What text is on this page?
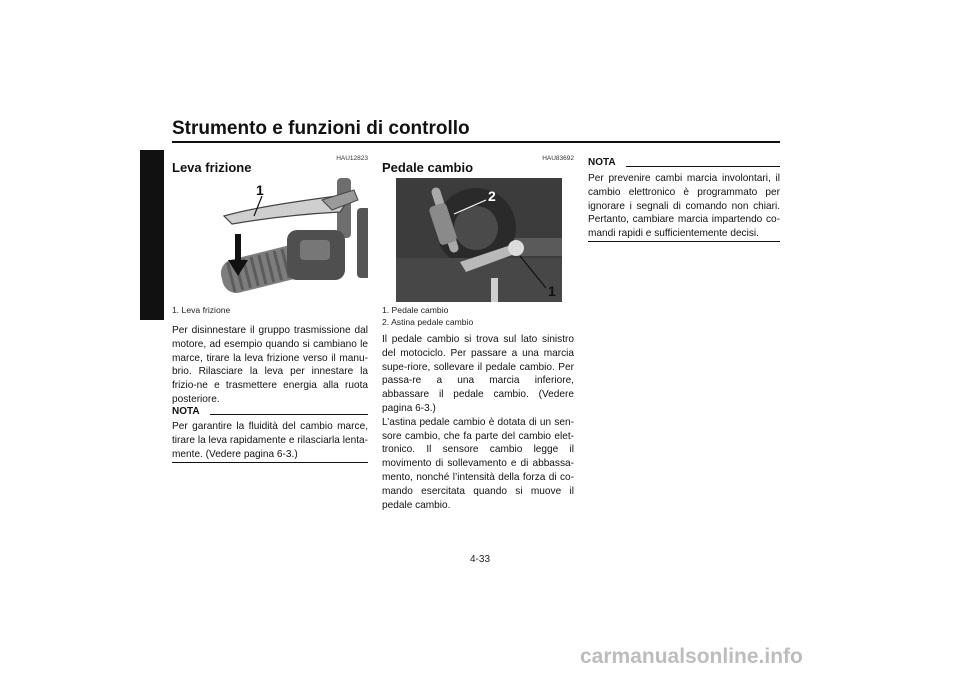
Strumento e funzioni di controllo
4
HAU12823
Leva frizione
1
1. Leva frizione

Per disinnestare il gruppo trasmissione dal motore, ad esempio quando si cambiano le marce, tirare la leva frizione verso il manu-brio. Rilasciare la leva per innestare la frizio-ne e trasmettere energia alla ruota posteriore.

NOTA

Per garantire la fluidità del cambio marce, tirare la leva rapidamente e rilasciarla lenta-mente. (Vedere pagina 6-3.)

HAU83692
Pedale cambio
2
1
1. Pedale cambio
2. Astina pedale cambio

Il pedale cambio si trova sul lato sinistro del motociclo. Per passare a una marcia supe-riore, sollevare il pedale cambio. Per passa-re a una marcia inferiore, abbassare il pedale cambio. (Vedere pagina 6-3.)

L’astina pedale cambio è dotata di un sen-sore cambio, che fa parte del cambio elet-tronico. Il sensore cambio legge il movimento di sollevamento e di abbassa-mento, nonché l’intensità della forza di co-mando esercitata quando si muove il pedale cambio.

NOTA

Per prevenire cambi marcia involontari, il cambio elettronico è programmato per ignorare i segnali di comando non chiari. Pertanto, cambiare marcia impartendo co-mandi rapidi e sufficientemente decisi.

4-33
carmanualsonline.info
